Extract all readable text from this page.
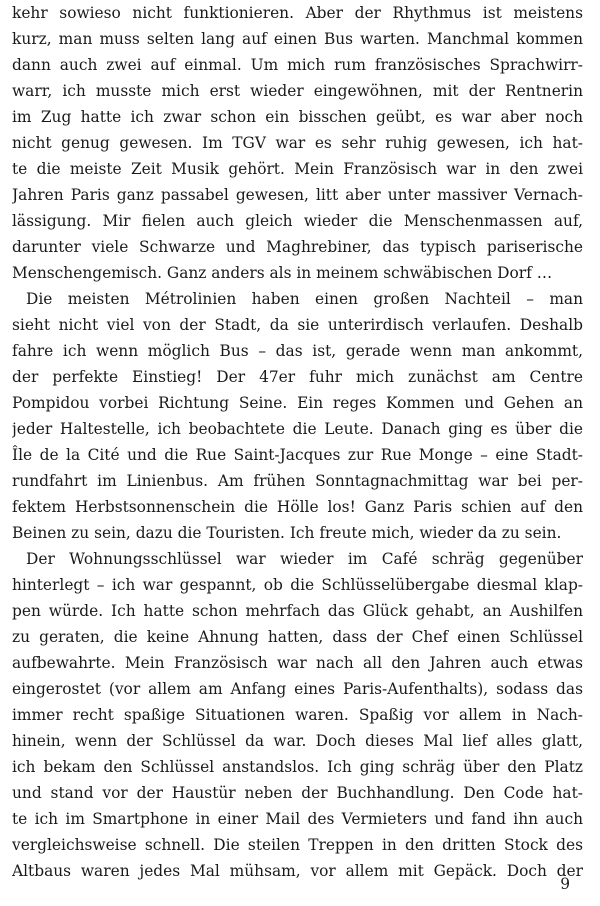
kehr sowieso nicht funktionieren. Aber der Rhythmus ist meistens
kurz, man muss selten lang auf einen Bus warten. Manchmal kommen
dann auch zwei auf einmal. Um mich rum französisches Sprachwirr-
warr, ich musste mich erst wieder eingewöhnen, mit der Rentnerin
im Zug hatte ich zwar schon ein bisschen geübt, es war aber noch
nicht genug gewesen. Im TGV war es sehr ruhig gewesen, ich hat-
te die meiste Zeit Musik gehört. Mein Französisch war in den zwei
Jahren Paris ganz passabel gewesen, litt aber unter massiver Vernach-
lässigung. Mir fielen auch gleich wieder die Menschenmassen auf,
darunter viele Schwarze und Maghrebiner, das typisch pariserische
Menschengemisch. Ganz anders als in meinem schwäbischen Dorf …
Die meisten Métrolinien haben einen großen Nachteil – man
sieht nicht viel von der Stadt, da sie unterirdisch verlaufen. Deshalb
fahre ich wenn möglich Bus – das ist, gerade wenn man ankommt,
der perfekte Einstieg! Der 47er fuhr mich zunächst am Centre
Pompidou vorbei Richtung Seine. Ein reges Kommen und Gehen an
jeder Haltestelle, ich beobachtete die Leute. Danach ging es über die
Île de la Cité und die Rue Saint-Jacques zur Rue Monge – eine Stadt-
rundfahrt im Linienbus. Am frühen Sonntagnachmittag war bei per-
fektem Herbstsonnenschein die Hölle los! Ganz Paris schien auf den
Beinen zu sein, dazu die Touristen. Ich freute mich, wieder da zu sein.
Der Wohnungsschlüssel war wieder im Café schräg gegenüber
hinterlegt – ich war gespannt, ob die Schlüsselübergabe diesmal klap-
pen würde. Ich hatte schon mehrfach das Glück gehabt, an Aushilfen
zu geraten, die keine Ahnung hatten, dass der Chef einen Schlüssel
aufbewahrte. Mein Französisch war nach all den Jahren auch etwas
eingerostet (vor allem am Anfang eines Paris-Aufenthalts), sodass das
immer recht spaßige Situationen waren. Spaßig vor allem in Nach-
hinein, wenn der Schlüssel da war. Doch dieses Mal lief alles glatt,
ich bekam den Schlüssel anstandslos. Ich ging schräg über den Platz
und stand vor der Haustür neben der Buchhandlung. Den Code hat-
te ich im Smartphone in einer Mail des Vermieters und fand ihn auch
vergleichsweise schnell. Die steilen Treppen in den dritten Stock des
Altbaus waren jedes Mal mühsam, vor allem mit Gepäck. Doch der
9
